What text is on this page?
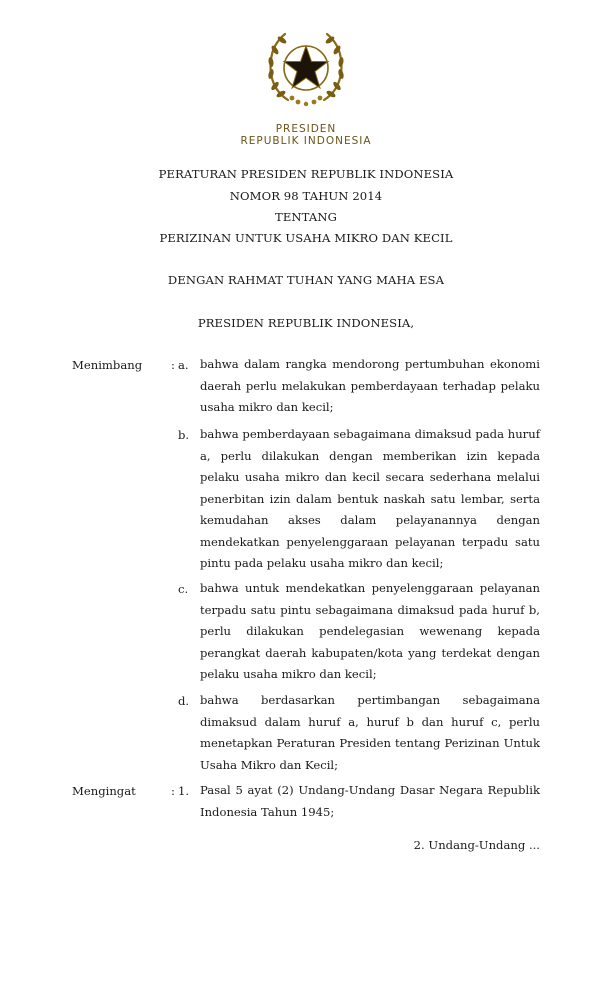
PRESIDEN
REPUBLIK INDONESIA
PERATURAN PRESIDEN REPUBLIK INDONESIA
NOMOR 98 TAHUN 2014
TENTANG
PERIZINAN UNTUK USAHA MIKRO DAN KECIL
DENGAN RAHMAT TUHAN YANG MAHA ESA
PRESIDEN REPUBLIK INDONESIA,
Menimbang : a. bahwa dalam rangka mendorong pertumbuhan ekonomi daerah perlu melakukan pemberdayaan terhadap pelaku usaha mikro dan kecil;
b. bahwa pemberdayaan sebagaimana dimaksud pada huruf a, perlu dilakukan dengan memberikan izin kepada pelaku usaha mikro dan kecil secara sederhana melalui penerbitan izin dalam bentuk naskah satu lembar, serta kemudahan akses dalam pelayanannya dengan mendekatkan penyelenggaraan pelayanan terpadu satu pintu pada pelaku usaha mikro dan kecil;
c. bahwa untuk mendekatkan penyelenggaraan pelayanan terpadu satu pintu sebagaimana dimaksud pada huruf b, perlu dilakukan pendelegasian wewenang kepada perangkat daerah kabupaten/kota yang terdekat dengan pelaku usaha mikro dan kecil;
d. bahwa berdasarkan pertimbangan sebagaimana dimaksud dalam huruf a, huruf b dan huruf c, perlu menetapkan Peraturan Presiden tentang Perizinan Untuk Usaha Mikro dan Kecil;
Mengingat	: 1. Pasal 5 ayat (2) Undang-Undang Dasar Negara Republik Indonesia Tahun 1945;
2. Undang-Undang ...
